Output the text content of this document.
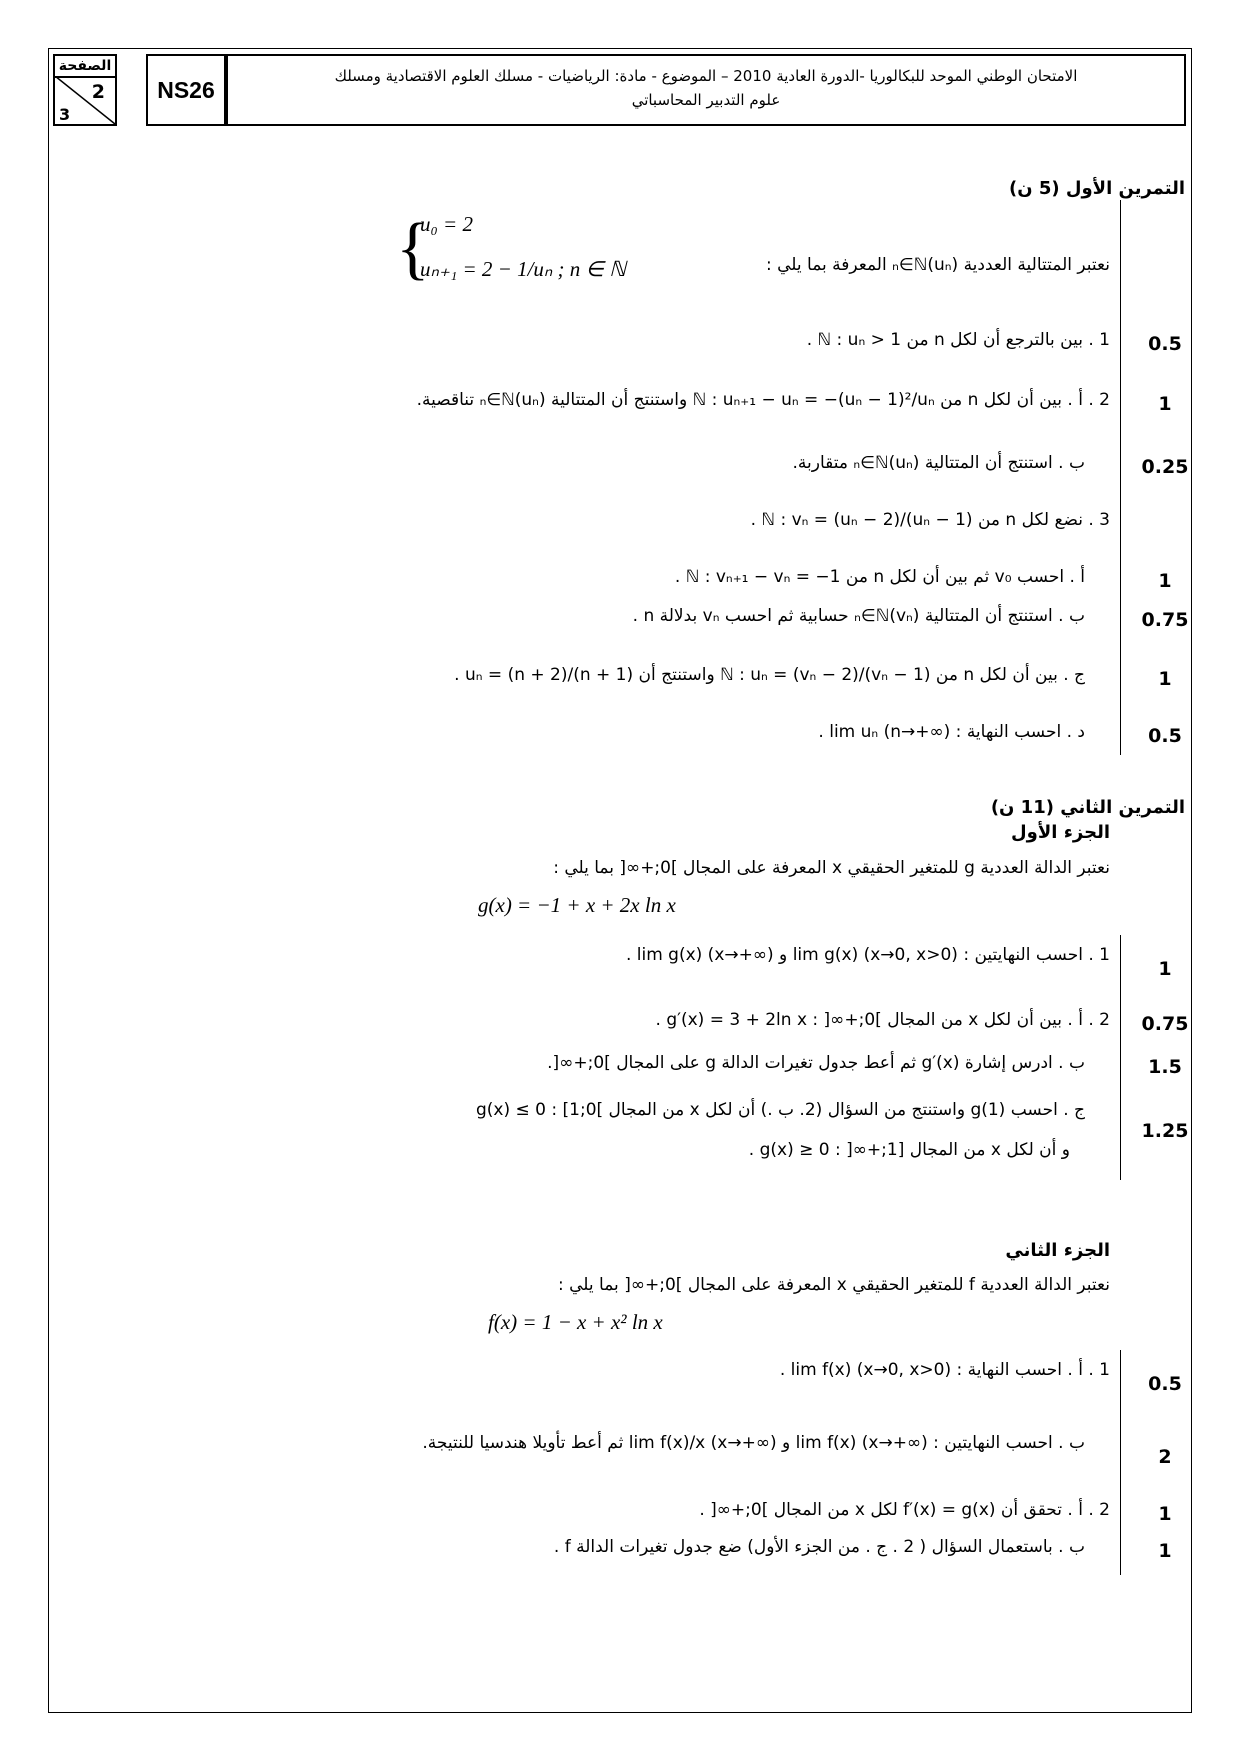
الصفحة
2
3
NS26
الامتحان الوطني الموحد للبكالوريا -الدورة العادية 2010 – الموضوع - مادة: الرياضيات - مسلك العلوم الاقتصادية ومسلك
علوم التدبير المحاسباتي
التمرين الأول (5 ن)
نعتبر المتتالية العددية (uₙ)ₙ∈ℕ المعرفة بما يلي :
{
u₀ = 2
uₙ₊₁ = 2 − 1/uₙ ; n ∈ ℕ
1 . بين بالترجع أن لكل n من ℕ : uₙ > 1 .
2 . أ . بين أن لكل n من ℕ : uₙ₊₁ − uₙ = −(uₙ − 1)²/uₙ واستنتج أن المتتالية (uₙ)ₙ∈ℕ تناقصية.
ب . استنتج أن المتتالية (uₙ)ₙ∈ℕ متقاربة.
3 . نضع لكل n من ℕ : vₙ = (uₙ − 2)/(uₙ − 1) .
أ . احسب v₀ ثم بين أن لكل n من ℕ : vₙ₊₁ − vₙ = −1 .
ب . استنتج أن المتتالية (vₙ)ₙ∈ℕ حسابية ثم احسب vₙ بدلالة n .
ج . بين أن لكل n من ℕ : uₙ = (vₙ − 2)/(vₙ − 1) واستنتج أن uₙ = (n + 2)/(n + 1) .
د . احسب النهاية : lim uₙ (n→+∞) .
0.5
1
0.25
1
0.75
1
0.5
التمرين الثاني (11 ن)
الجزء الأول
نعتبر الدالة العددية g للمتغير الحقيقي x المعرفة على المجال ]0;+∞[ بما يلي :
g(x) = −1 + x + 2x ln x
1 . احسب النهايتين : lim g(x) (x→0, x>0) و lim g(x) (x→+∞) .
2 . أ . بين أن لكل x من المجال ]0;+∞[ : g′(x) = 3 + 2ln x .
ب . ادرس إشارة g′(x) ثم أعط جدول تغيرات الدالة g على المجال ]0;+∞[.
ج . احسب g(1) واستنتج من السؤال (2. ب .) أن لكل x من المجال ]0;1] : g(x) ≤ 0
و أن لكل x من المجال [1;+∞[ : g(x) ≥ 0 .
1
0.75
1.5
1.25
الجزء الثاني
نعتبر الدالة العددية f للمتغير الحقيقي x المعرفة على المجال ]0;+∞[ بما يلي :
f(x) = 1 − x + x² ln x
1 . أ . احسب النهاية : lim f(x) (x→0, x>0) .
ب . احسب النهايتين : lim f(x) (x→+∞) و lim f(x)/x (x→+∞) ثم أعط تأويلا هندسيا للنتيجة.
2 . أ . تحقق أن f′(x) = g(x) لكل x من المجال ]0;+∞[ .
ب . باستعمال السؤال ( 2 . ج . من الجزء الأول) ضع جدول تغيرات الدالة f .
0.5
2
1
1
